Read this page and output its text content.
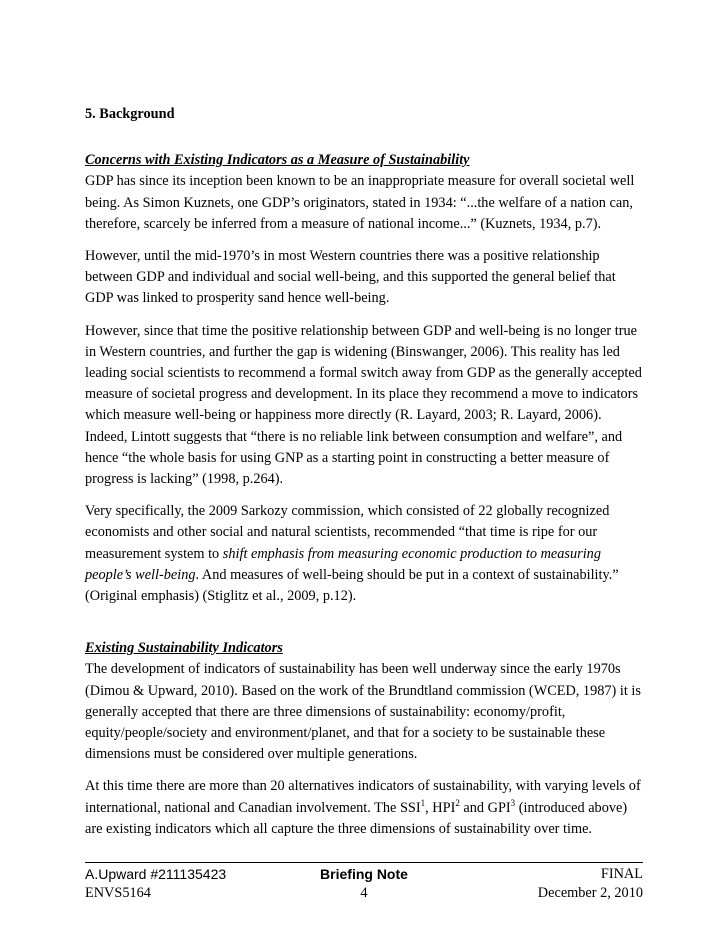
5. Background

Concerns with Existing Indicators as a Measure of Sustainability

GDP has since its inception been known to be an inappropriate measure for overall societal well being. As Simon Kuznets, one GDP’s originators, stated in 1934: “...the welfare of a nation can, therefore, scarcely be inferred from a measure of national income...” (Kuznets, 1934, p.7).

However, until the mid-1970’s in most Western countries there was a positive relationship between GDP and individual and social well-being, and this supported the general belief that GDP was linked to prosperity sand hence well-being.

However, since that time the positive relationship between GDP and well-being is no longer true in Western countries, and further the gap is widening (Binswanger, 2006). This reality has led leading social scientists to recommend a formal switch away from GDP as the generally accepted measure of societal progress and development. In its place they recommend a move to indicators which measure well-being or happiness more directly (R. Layard, 2003; R. Layard, 2006). Indeed, Lintott suggests that “there is no reliable link between consumption and welfare”, and hence “the whole basis for using GNP as a starting point in constructing a better measure of progress is lacking” (1998, p.264).

Very specifically, the 2009 Sarkozy commission, which consisted of 22 globally recognized economists and other social and natural scientists, recommended “that time is ripe for our measurement system to shift emphasis from measuring economic production to measuring people’s well-being. And measures of well-being should be put in a context of sustainability.” (Original emphasis) (Stiglitz et al., 2009, p.12).

Existing Sustainability Indicators

The development of indicators of sustainability has been well underway since the early 1970s (Dimou & Upward, 2010). Based on the work of the Brundtland commission (WCED, 1987) it is generally accepted that there are three dimensions of sustainability: economy/profit, equity/people/society and environment/planet, and that for a society to be sustainable these dimensions must be considered over multiple generations.

At this time there are more than 20 alternatives indicators of sustainability, with varying levels of international, national and Canadian involvement. The SSI$^1$, HPI$^2$ and GPI$^3$ (introduced above) are existing indicators which all capture the three dimensions of sustainability over time.

A.Upward #211135423	Briefing Note	FINAL
ENVS5164	4	December 2, 2010
